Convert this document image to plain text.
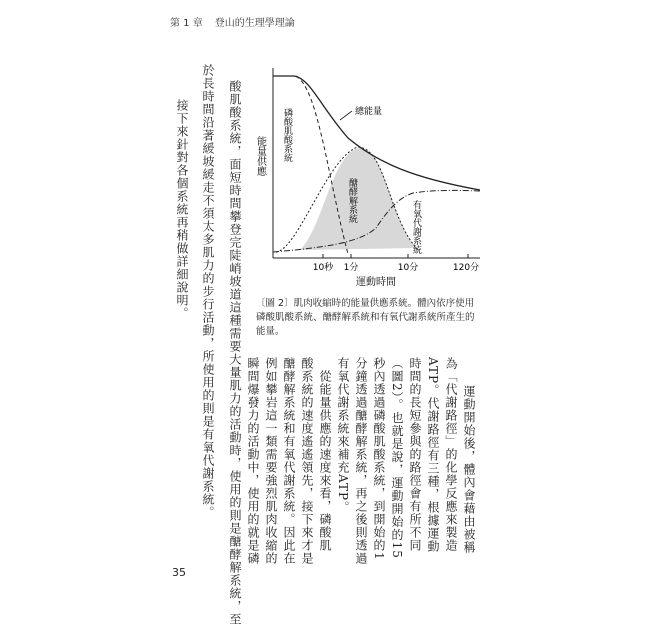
第 1 章 登山的生理學理論
酸肌酸系統，面短時間攀登完陡峭坡道這種需要大量肌力的活動時，使用的則是醣酵解系統，至
於長時間沿著緩坡緩走不須太多肌力的步行活動，所使用的則是有氧代謝系統。
　接下來針對各個系統再稍做詳細說明。	10秒 1分	10分	120分
運動時間
能量供應
總能量
磷酸肌酸系統
醣酵解系統	有氧代謝系統
〔圖 2〕肌肉收縮時的能量供應系統。體內依序使用磷酸肌酸系統、醣酵解系統和有氧代謝系統所產生的能量。
　運動開始後，體內會藉由被稱
為「代謝路徑」的化學反應來製造
ATP。代謝路徑有三種，根據運動
時間的長短參與的路徑會有所不同
（圖2）。也就是說，運動開始的15
秒內透過磷酸肌酸系統，到開始的1
分鐘透過醣酵解系統，再之後則透過
有氧代謝系統來補充ATP。
　從能量供應的速度來看，磷酸肌
酸系統的速度遙遙領先，接下來才是
醣酵解系統和有氧代謝系統。因此在
例如攀岩這一類需要強烈肌肉收縮的
瞬間爆發力的活動中，使用的就是磷
35
